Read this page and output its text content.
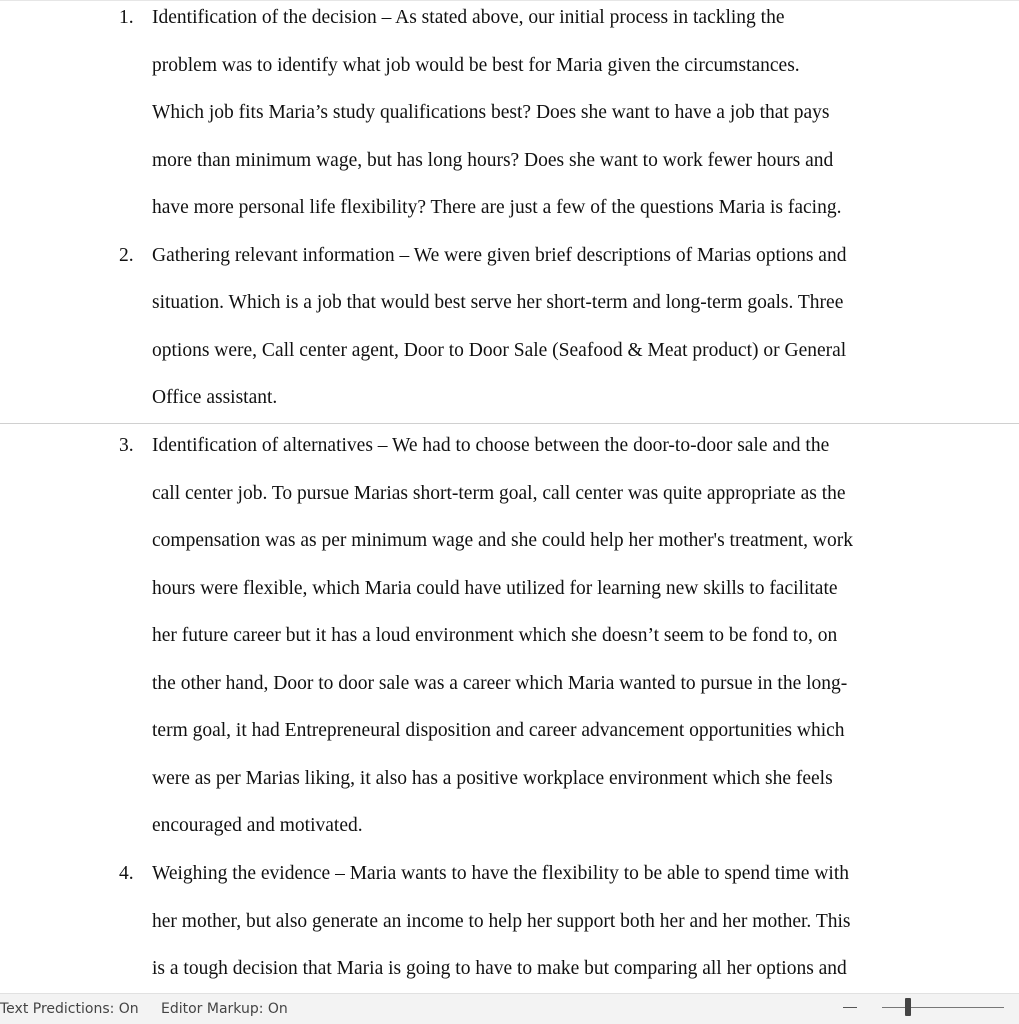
1. Identification of the decision – As stated above, our initial process in tackling the
problem was to identify what job would be best for Maria given the circumstances.
Which job fits Maria’s study qualifications best? Does she want to have a job that pays
more than minimum wage, but has long hours? Does she want to work fewer hours and
have more personal life flexibility? There are just a few of the questions Maria is facing.
2. Gathering relevant information – We were given brief descriptions of Marias options and
situation. Which is a job that would best serve her short-term and long-term goals. Three
options were, Call center agent, Door to Door Sale (Seafood & Meat product) or General
Office assistant.
3. Identification of alternatives – We had to choose between the door-to-door sale and the
call center job. To pursue Marias short-term goal, call center was quite appropriate as the
compensation was as per minimum wage and she could help her mother's treatment, work
hours were flexible, which Maria could have utilized for learning new skills to facilitate
her future career but it has a loud environment which she doesn’t seem to be fond to, on
the other hand, Door to door sale was a career which Maria wanted to pursue in the long-
term goal, it had Entrepreneural disposition and career advancement opportunities which
were as per Marias liking, it also has a positive workplace environment which she feels
encouraged and motivated.
4. Weighing the evidence – Maria wants to have the flexibility to be able to spend time with
her mother, but also generate an income to help her support both her and her mother. This
is a tough decision that Maria is going to have to make but comparing all her options and
Text Predictions: On Editor Markup: On
